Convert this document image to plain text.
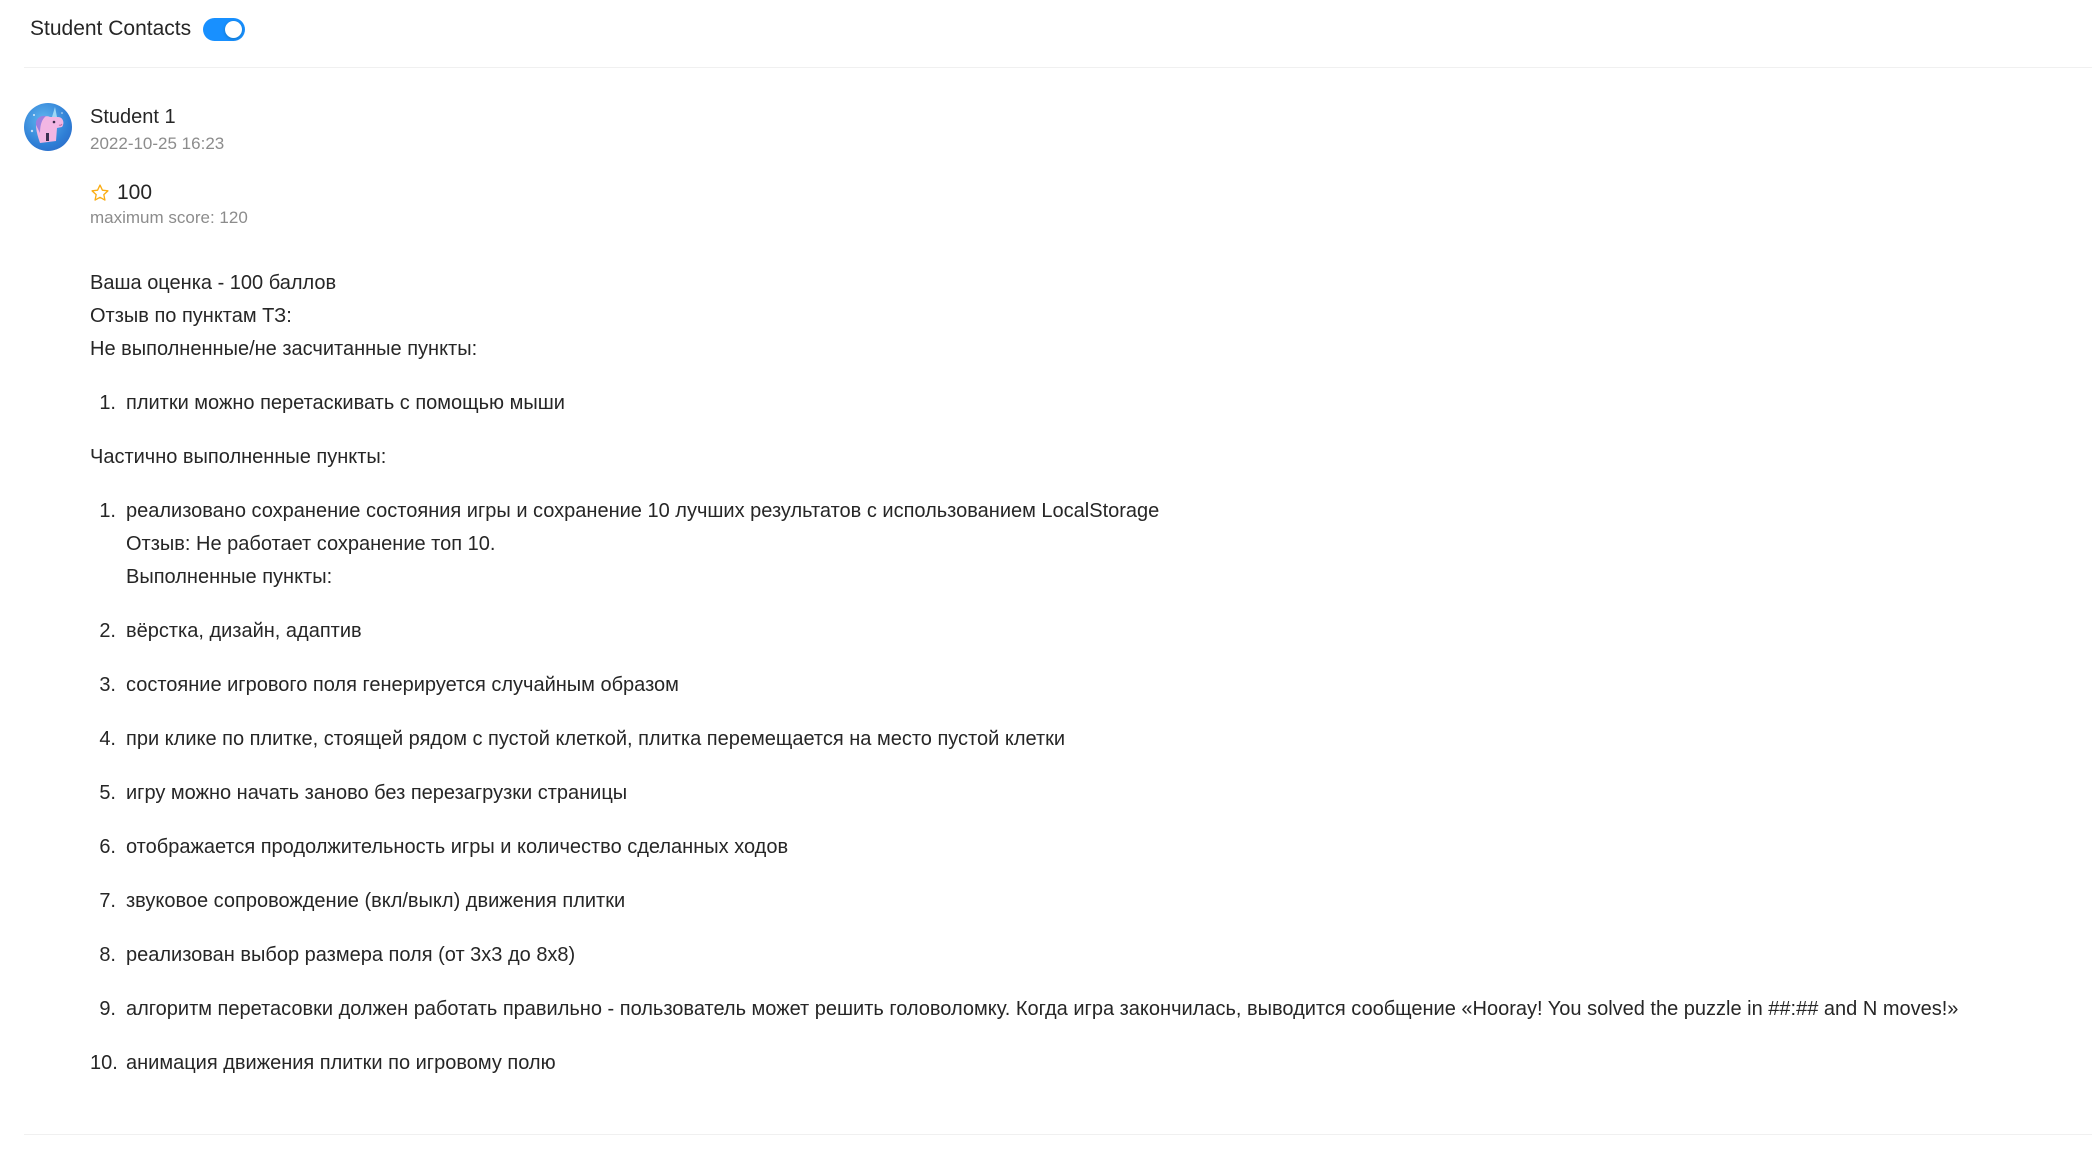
Student Contacts
Student 1
2022-10-25 16:23
100
maximum score: 120

Ваша оценка - 100 баллов

Отзыв по пунктам ТЗ:

Не выполненные/не засчитанные пункты:

1. плитки можно перетаскивать с помощью мыши

Частично выполненные пункты:

1. реализовано сохранение состояния игры и сохранение 10 лучших результатов с использованием LocalStorage
Отзыв: Не работает сохранение топ 10.
Выполненные пункты:
2. вёрстка, дизайн, адаптив
3. состояние игрового поля генерируется случайным образом
4. при клике по плитке, стоящей рядом с пустой клеткой, плитка перемещается на место пустой клетки
5. игру можно начать заново без перезагрузки страницы
6. отображается продолжительность игры и количество сделанных ходов
7. звуковое сопровождение (вкл/выкл) движения плитки
8. реализован выбор размера поля (от 3x3 до 8x8)
9. алгоритм перетасовки должен работать правильно - пользователь может решить головоломку. Когда игра закончилась, выводится сообщение «Hooray! You solved the puzzle in ##:## and N moves!»
10. анимация движения плитки по игровому полю
